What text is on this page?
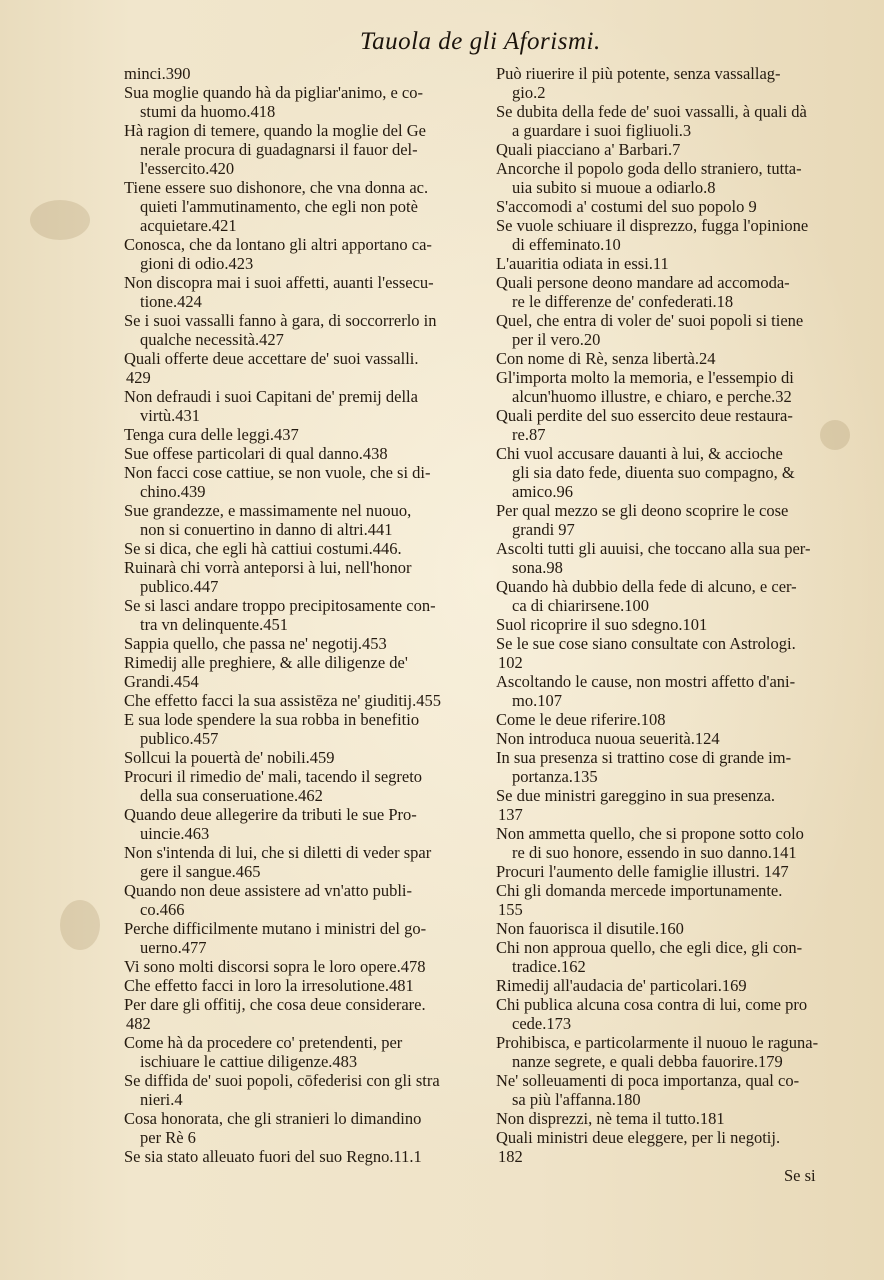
Tauola de gli Aforismi.
minci.390
Sua moglie quando hà da pigliar'animo, e co-
stumi da huomo.418
Hà ragion di temere, quando la moglie del Ge
nerale procura di guadagnarsi il fauor del-
l'essercito.420
Tiene essere suo dishonore, che vna donna ac.
quieti l'ammutinamento, che egli non potè
acquietare.421
Conosca, che da lontano gli altri apportano ca-
gioni di odio.423
Non discopra mai i suoi affetti, auanti l'essecu-
tione.424
Se i suoi vassalli fanno à gara, di soccorrerlo in
qualche necessità.427
Quali offerte deue accettare de' suoi vassalli.
429
Non defraudi i suoi Capitani de' premij della
virtù.431
Tenga cura delle leggi.437
Sue offese particolari di qual danno.438
Non facci cose cattiue, se non vuole, che si di-
chino.439
Sue grandezze, e massimamente nel nuouo,
non si conuertino in danno di altri.441
Se si dica, che egli hà cattiui costumi.446.
Ruinarà chi vorrà anteporsi à lui, nell'honor
publico.447
Se si lasci andare troppo precipitosamente con-
tra vn delinquente.451
Sappia quello, che passa ne' negotij.453
Rimedij alle preghiere, & alle diligenze de'
Grandi.454
Che effetto facci la sua assistēza ne' giuditij.455
E sua lode spendere la sua robba in benefitio
publico.457
Sollcui la pouertà de' nobili.459
Procuri il rimedio de' mali, tacendo il segreto
della sua conseruatione.462
Quando deue allegerire da tributi le sue Pro-
uincie.463
Non s'intenda di lui, che si diletti di veder spar
gere il sangue.465
Quando non deue assistere ad vn'atto publi-
co.466
Perche difficilmente mutano i ministri del go-
uerno.477
Vi sono molti discorsi sopra le loro opere.478
Che effetto facci in loro la irresolutione.481
Per dare gli offitij, che cosa deue considerare.
482
Come hà da procedere co' pretendenti, per
ischiuare le cattiue diligenze.483
Se diffida de' suoi popoli, cōfederisi con gli stra
nieri.4
Cosa honorata, che gli stranieri lo dimandino
per Rè 6
Se sia stato alleuato fuori del suo Regno.11.1
Può riuerire il più potente, senza vassallag-
gio.2
Se dubita della fede de' suoi vassalli, à quali dà
a guardare i suoi figliuoli.3
Quali piacciano a' Barbari.7
Ancorche il popolo goda dello straniero, tutta-
uia subito si muoue a odiarlo.8
S'accomodi a' costumi del suo popolo 9
Se vuole schiuare il disprezzo, fugga l'opinione
di effeminato.10
L'auaritia odiata in essi.11
Quali persone deono mandare ad accomoda-
re le differenze de' confederati.18
Quel, che entra di voler de' suoi popoli si tiene
per il vero.20
Con nome di Rè, senza libertà.24
Gl'importa molto la memoria, e l'essempio di
alcun'huomo illustre, e chiaro, e perche.32
Quali perdite del suo essercito deue restaura-
re.87
Chi vuol accusare dauanti à lui, & accioche
gli sia dato fede, diuenta suo compagno, &
amico.96
Per qual mezzo se gli deono scoprire le cose
grandi 97
Ascolti tutti gli auuisi, che toccano alla sua per-
sona.98
Quando hà dubbio della fede di alcuno, e cer-
ca di chiarirsene.100
Suol ricoprire il suo sdegno.101
Se le sue cose siano consultate con Astrologi.
102
Ascoltando le cause, non mostri affetto d'ani-
mo.107
Come le deue riferire.108
Non introduca nuoua seuerità.124
In sua presenza si trattino cose di grande im-
portanza.135
Se due ministri gareggino in sua presenza.
137
Non ammetta quello, che si propone sotto colo
re di suo honore, essendo in suo danno.141
Procuri l'aumento delle famiglie illustri. 147
Chi gli domanda mercede importunamente.
155
Non fauorisca il disutile.160
Chi non approua quello, che egli dice, gli con-
tradice.162
Rimedij all'audacia de' particolari.169
Chi publica alcuna cosa contra di lui, come pro
cede.173
Prohibisca, e particolarmente il nuouo le raguna-
nanze segrete, e quali debba fauorire.179
Ne' solleuamenti di poca importanza, qual co-
sa più l'affanna.180
Non disprezzi, nè tema il tutto.181
Quali ministri deue eleggere, per li negotij.
182
Se si
